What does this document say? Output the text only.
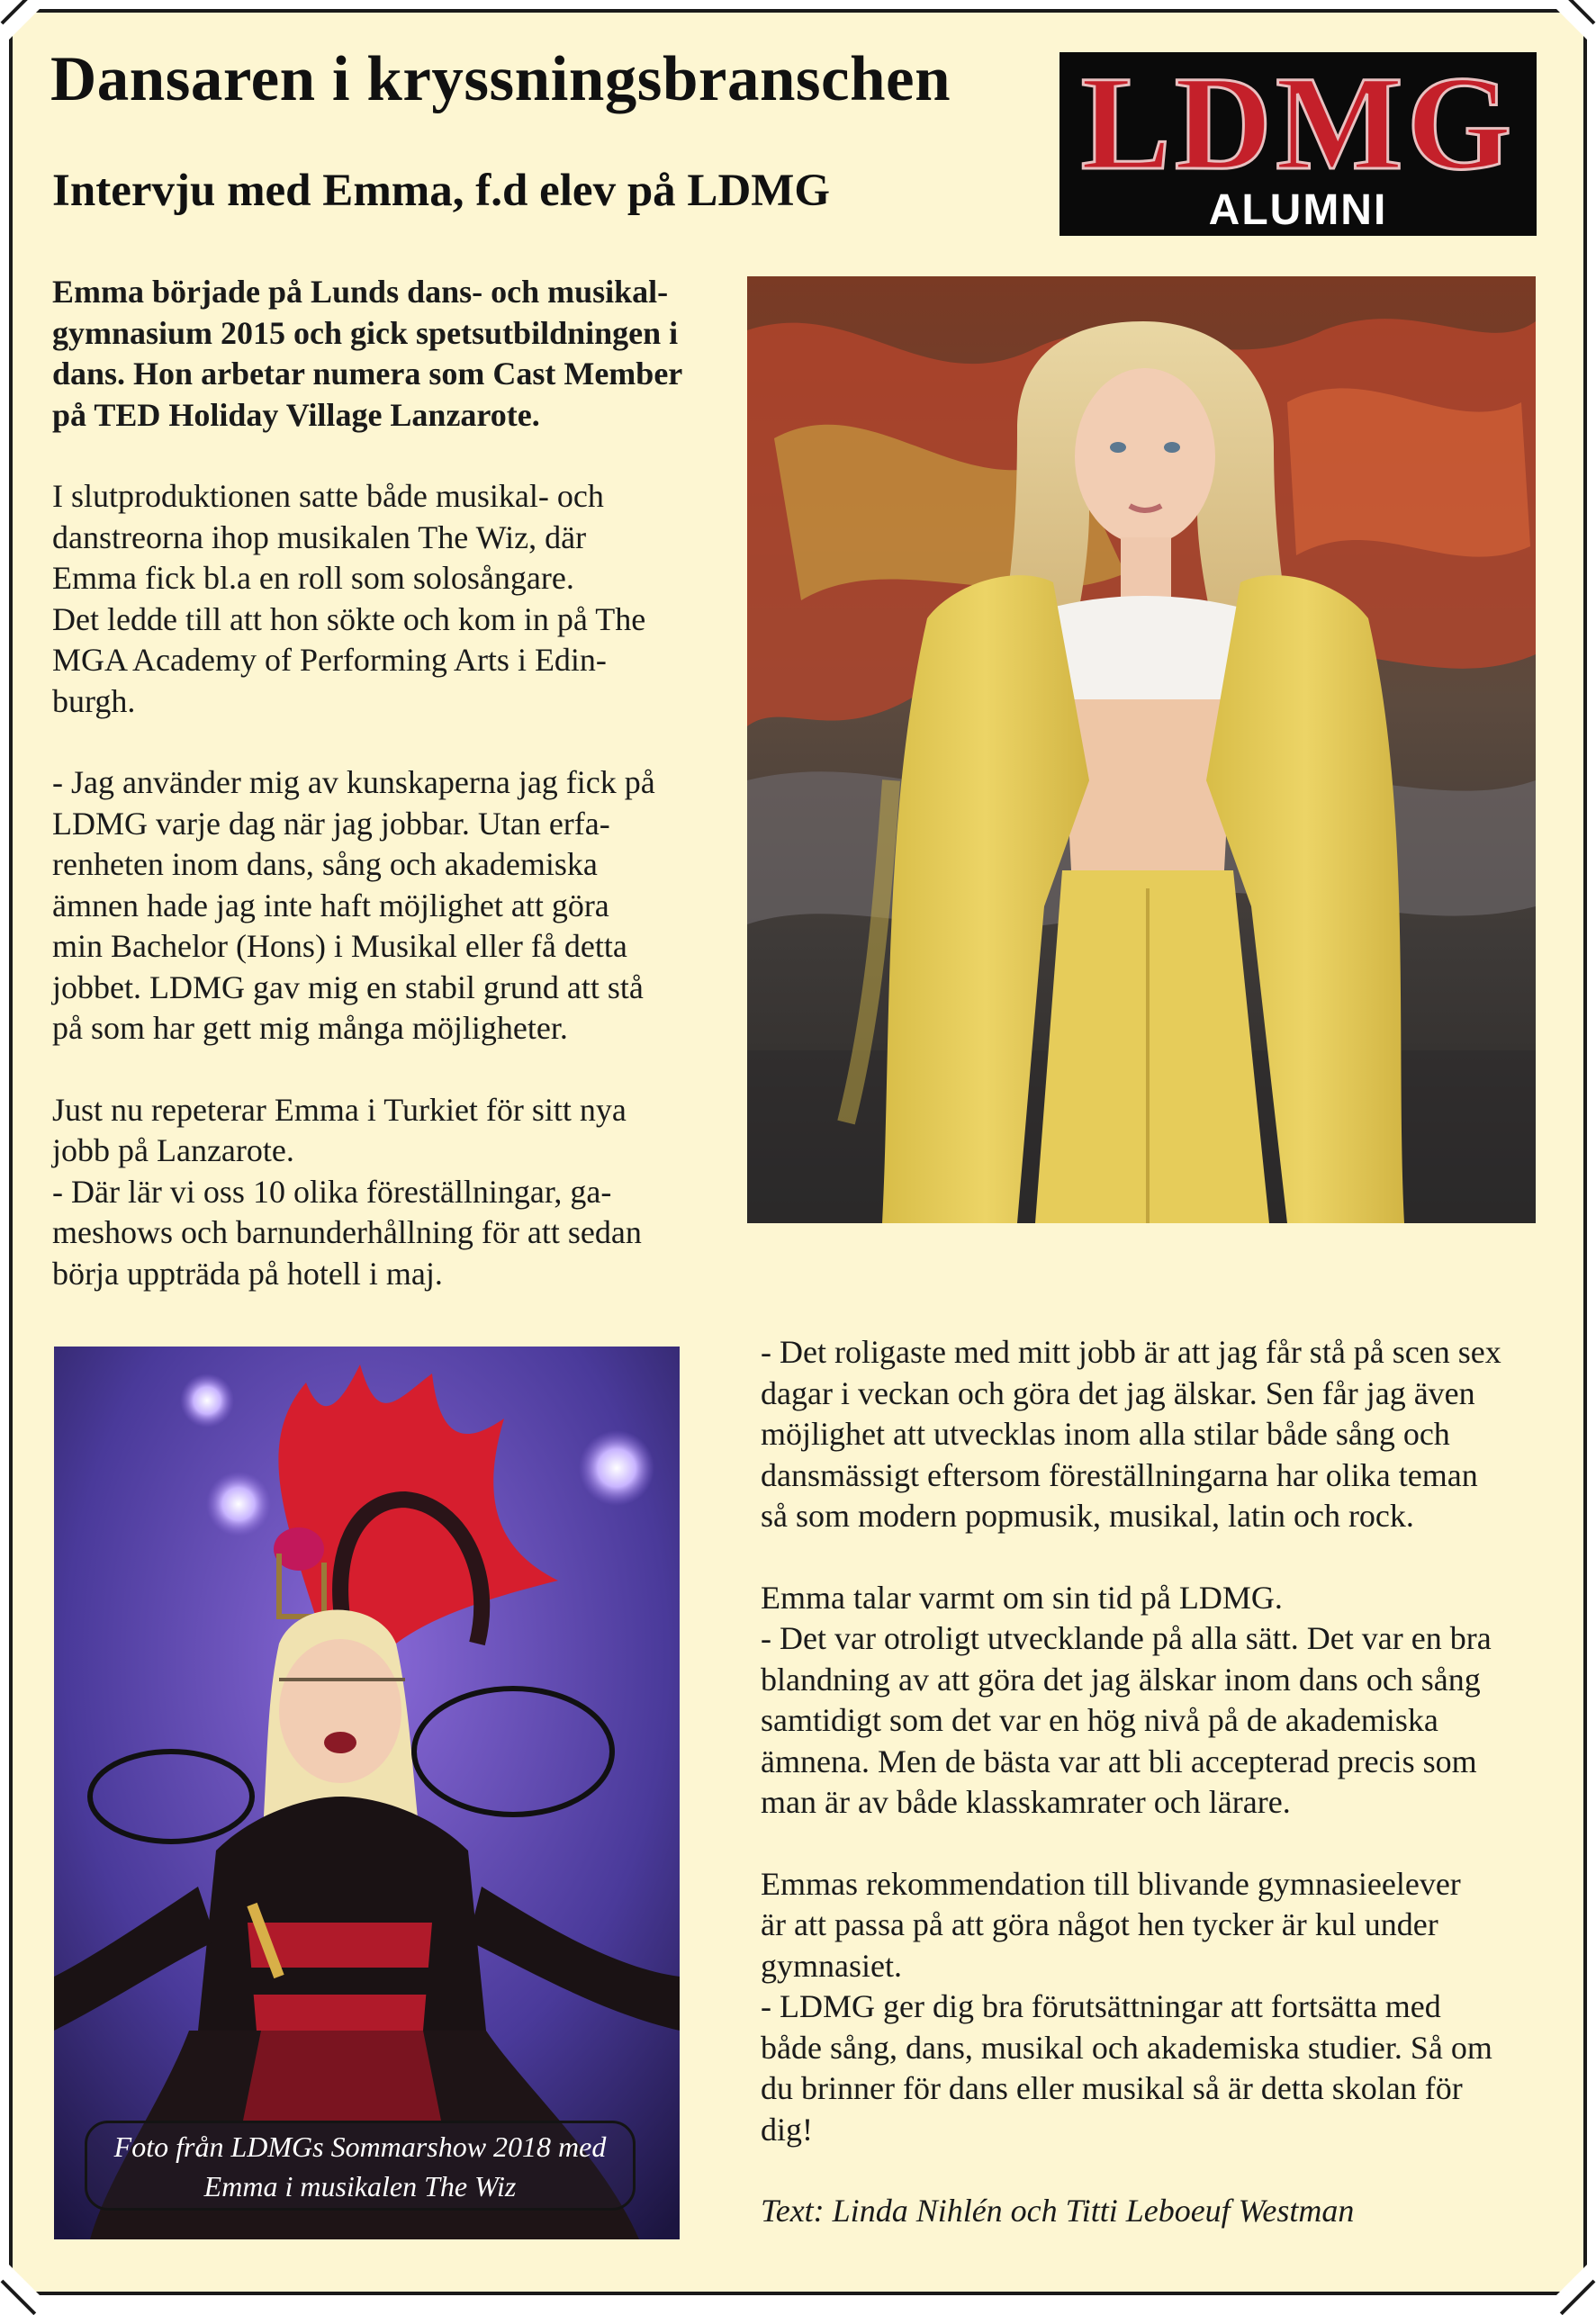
Dansaren i kryssningsbranschen
Intervju med Emma, f.d elev på LDMG LDMG
ALUMNI

Emma började på Lunds dans- och musikal-
gymnasium 2015 och gick spetsutbildningen i
dans. Hon arbetar numera som Cast Member
på TED Holiday Village Lanzarote.

I slutproduktionen satte både musikal- och
danstreorna ihop musikalen The Wiz, där
Emma fick bl.a en roll som solosångare.
Det ledde till att hon sökte och kom in på The
MGA Academy of Performing Arts i Edin-
burgh.

- Jag använder mig av kunskaperna jag fick på
LDMG varje dag när jag jobbar. Utan erfa-
renheten inom dans, sång och akademiska
ämnen hade jag inte haft möjlighet att göra
min Bachelor (Hons) i Musikal eller få detta
jobbet. LDMG gav mig en stabil grund att stå
på som har gett mig många möjligheter.

Just nu repeterar Emma i Turkiet för sitt nya
jobb på Lanzarote.
- Där lär vi oss 10 olika föreställningar, ga-
meshows och barnunderhållning för att sedan
börja uppträda på hotell i maj.

Foto från LDMGs Sommarshow 2018 med
Emma i musikalen The Wiz

- Det roligaste med mitt jobb är att jag får stå på scen sex
dagar i veckan och göra det jag älskar. Sen får jag även
möjlighet att utvecklas inom alla stilar både sång och
dansmässigt eftersom föreställningarna har olika teman
så som modern popmusik, musikal, latin och rock.

Emma talar varmt om sin tid på LDMG.
- Det var otroligt utvecklande på alla sätt. Det var en bra
blandning av att göra det jag älskar inom dans och sång
samtidigt som det var en hög nivå på de akademiska
ämnena. Men de bästa var att bli accepterad precis som
man är av både klasskamrater och lärare.

Emmas rekommendation till blivande gymnasieelever
är att passa på att göra något hen tycker är kul under
gymnasiet.
- LDMG ger dig bra förutsättningar att fortsätta med
både sång, dans, musikal och akademiska studier. Så om
du brinner för dans eller musikal så är detta skolan för
dig!

Text: Linda Nihlén och Titti Leboeuf Westman
